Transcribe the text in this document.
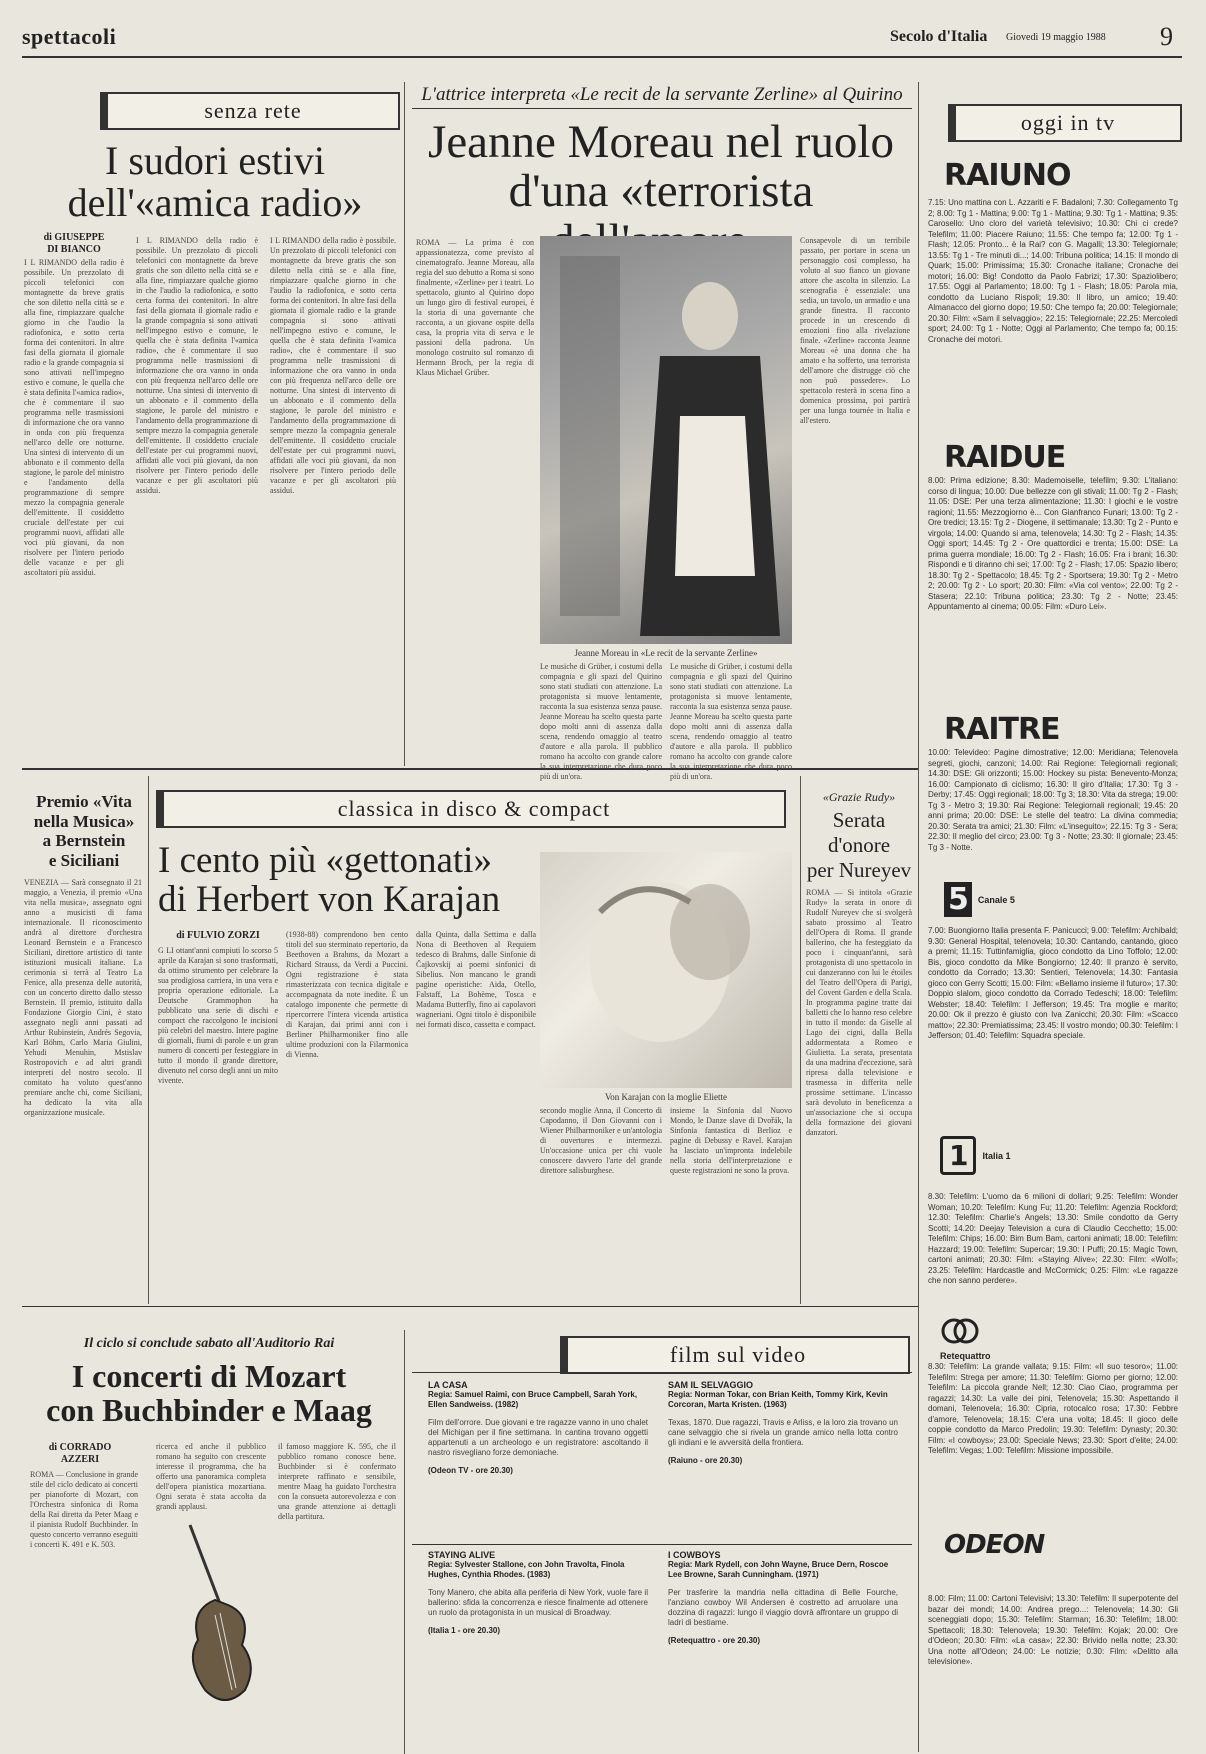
spettacoli	Secolo d'Italia Giovedì 19 maggio 1988 9
senza rete
I sudori estivi
dell'«amica radio»
di GIUSEPPE
DI BIANCO
I L RIMANDO della radio è possibile. Un prezzolato di piccoli telefonici con montagnette da breve gratis che son diletto nella città se e alla fine, rimpiazzare qualche giorno in che l'audio la radiofonica, e sotto certa forma dei contenitori. In altre fasi della giornata il giornale radio e la grande compagnia si sono attivati nell'impegno estivo e comune, le quella che è stata definita l'«amica radio», che è commentare il suo programma nelle trasmissioni di informazione che ora vanno in onda con più frequenza nell'arco delle ore notturne. Una sintesi di intervento di un abbonato e il commento della stagione, le parole del ministro e l'andamento della programmazione di sempre mezzo la compagnia generale dell'emittente. Il cosiddetto cruciale dell'estate per cui programmi nuovi, affidati alle voci più giovani, da non risolvere per l'intero periodo delle vacanze e per gli ascoltatori più assidui.
I L RIMANDO della radio è possibile. Un prezzolato di piccoli telefonici con montagnette da breve gratis che son diletto nella città se e alla fine, rimpiazzare qualche giorno in che l'audio la radiofonica, e sotto certa forma dei contenitori. In altre fasi della giornata il giornale radio e la grande compagnia si sono attivati nell'impegno estivo e comune, le quella che è stata definita l'«amica radio», che è commentare il suo programma nelle trasmissioni di informazione che ora vanno in onda con più frequenza nell'arco delle ore notturne. Una sintesi di intervento di un abbonato e il commento della stagione, le parole del ministro e l'andamento della programmazione di sempre mezzo la compagnia generale dell'emittente. Il cosiddetto cruciale dell'estate per cui programmi nuovi, affidati alle voci più giovani, da non risolvere per l'intero periodo delle vacanze e per gli ascoltatori più assidui.
I L RIMANDO della radio è possibile. Un prezzolato di piccoli telefonici con montagnette da breve gratis che son diletto nella città se e alla fine, rimpiazzare qualche giorno in che l'audio la radiofonica, e sotto certa forma dei contenitori. In altre fasi della giornata il giornale radio e la grande compagnia si sono attivati nell'impegno estivo e comune, le quella che è stata definita l'«amica radio», che è commentare il suo programma nelle trasmissioni di informazione che ora vanno in onda con più frequenza nell'arco delle ore notturne. Una sintesi di intervento di un abbonato e il commento della stagione, le parole del ministro e l'andamento della programmazione di sempre mezzo la compagnia generale dell'emittente. Il cosiddetto cruciale dell'estate per cui programmi nuovi, affidati alle voci più giovani, da non risolvere per l'intero periodo delle vacanze e per gli ascoltatori più assidui.
L'attrice interpreta «Le recit de la servante Zerline» al Quirino
Jeanne Moreau nel ruolo
d'una «terrorista
ROMA — La prima è con appassionatezza, come previsto al cinematografo. Jeanne Moreau, alla regia del suo debutto a Roma si sono finalmente, «Zerline» per i teatri. Lo spettacolo, giunto al Quirino dopo un lungo giro di festival europei, è la storia di una governante che racconta, a un giovane ospite della casa, la propria vita di serva e le passioni della padrona. Un monologo costruito sul romanzo di Hermann Broch, per la regia di Klaus Michael Grüber.
Jeanne Moreau in «Le recit de la servante Zerline»
Le musiche di Grüber, i costumi della compagnia e gli spazi del Quirino sono stati studiati con attenzione. La protagonista si muove lentamente, racconta la sua esistenza senza pause. Jeanne Moreau ha scelto questa parte dopo molti anni di assenza dalla scena, rendendo omaggio al teatro d'autore e alla parola. Il pubblico romano ha accolto con grande calore la sua interpretazione che dura poco più di un'ora.
Le musiche di Grüber, i costumi della compagnia e gli spazi del Quirino sono stati studiati con attenzione. La protagonista si muove lentamente, racconta la sua esistenza senza pause. Jeanne Moreau ha scelto questa parte dopo molti anni di assenza dalla scena, rendendo omaggio al teatro d'autore e alla parola. Il pubblico romano ha accolto con grande calore la sua interpretazione che dura poco più di un'ora.
Consapevole di un terribile passato, per portare in scena un personaggio così complesso, ha voluto al suo fianco un giovane attore che ascolta in silenzio. La scenografia è essenziale: una sedia, un tavolo, un armadio e una grande finestra. Il racconto procede in un crescendo di emozioni fino alla rivelazione finale. «Zerline» racconta Jeanne Moreau «è una donna che ha amato e ha sofferto, una terrorista dell'amore che distrugge ciò che non può possedere». Lo spettacolo resterà in scena fino a domenica prossima, poi partirà per una lunga tournée in Italia e all'estero.
Premio «Vita
nella Musica»
a Bernstein
e Siciliani
VENEZIA — Sarà consegnato il 21 maggio, a Venezia, il premio «Una vita nella musica», assegnato ogni anno a musicisti di fama internazionale. Il riconoscimento andrà al direttore d'orchestra Leonard Bernstein e a Francesco Siciliani, direttore artistico di tante istituzioni musicali italiane. La cerimonia si terrà al Teatro La Fenice, alla presenza delle autorità, con un concerto diretto dallo stesso Bernstein. Il premio, istituito dalla Fondazione Giorgio Cini, è stato assegnato negli anni passati ad Arthur Rubinstein, Andrés Segovia, Karl Böhm, Carlo Maria Giulini, Yehudi Menuhin, Mstislav Rostropovich e ad altri grandi interpreti del nostro secolo. Il comitato ha voluto quest'anno premiare anche chi, come Siciliani, ha dedicato la vita alla organizzazione musicale.
classica in disco & compact
I cento più «gettonati»
di Herbert von Karajan
di FULVIO ZORZI
G LI ottant'anni compiuti lo scorso 5 aprile da Karajan si sono trasformati, da ottimo strumento per celebrare la sua prodigiosa carriera, in una vera e propria operazione editoriale. La Deutsche Grammophon ha pubblicato una serie di dischi e compact che raccolgono le incisioni più celebri del maestro. Intere pagine di giornali, fiumi di parole e un gran numero di concerti per festeggiare in tutto il mondo il grande direttore, divenuto nel corso degli anni un mito vivente.
(1938-88) comprendono ben cento titoli del suo sterminato repertorio, da Beethoven a Brahms, da Mozart a Richard Strauss, da Verdi a Puccini. Ogni registrazione è stata rimasterizzata con tecnica digitale e accompagnata da note inedite. È un catalogo imponente che permette di ripercorrere l'intera vicenda artistica di Karajan, dai primi anni con i Berliner Philharmoniker fino alle ultime produzioni con la Filarmonica di Vienna.
dalla Quinta, dalla Settima e dalla Nona di Beethoven al Requiem tedesco di Brahms, dalle Sinfonie di Čajkovskij ai poemi sinfonici di Sibelius. Non mancano le grandi pagine operistiche: Aida, Otello, Falstaff, La Bohème, Tosca e Madama Butterfly, fino ai capolavori wagneriani. Ogni titolo è disponibile nei formati disco, cassetta e compact.
Von Karajan con la moglie Eliette
secondo moglie Anna, il Concerto di Capodanno, il Don Giovanni con i Wiener Philharmoniker e un'antologia di ouvertures e intermezzi. Un'occasione unica per chi vuole conoscere davvero l'arte del grande direttore salisburghese.
insieme la Sinfonia dal Nuovo Mondo, le Danze slave di Dvořák, la Sinfonia fantastica di Berlioz e pagine di Debussy e Ravel. Karajan ha lasciato un'impronta indelebile nella storia dell'interpretazione e queste registrazioni ne sono la prova.
«Grazie Rudy»
Serata
d'onore
per Nureyev
ROMA — Si intitola «Grazie Rudy» la serata in onore di Rudolf Nureyev che si svolgerà sabato prossimo al Teatro dell'Opera di Roma. Il grande ballerino, che ha festeggiato da poco i cinquant'anni, sarà protagonista di uno spettacolo in cui danzeranno con lui le étoiles del Teatro dell'Opera di Parigi, del Covent Garden e della Scala. In programma pagine tratte dai balletti che lo hanno reso celebre in tutto il mondo: da Giselle al Lago dei cigni, dalla Bella addormentata a Romeo e Giulietta. La serata, presentata da una madrina d'eccezione, sarà ripresa dalla televisione e trasmessa in differita nelle prossime settimane. L'incasso sarà devoluto in beneficenza a un'associazione che si occupa della formazione dei giovani danzatori.
Il ciclo si conclude sabato all'Auditorio Rai
I concerti di Mozart
con Buchbinder e Maag
di CORRADO
AZZERI
ROMA — Conclusione in grande stile del ciclo dedicato ai concerti per pianoforte di Mozart, con l'Orchestra sinfonica di Roma della Rai diretta da Peter Maag e il pianista Rudolf Buchbinder. In questo concerto verranno eseguiti i concerti K. 491 e K. 503.
ricerca ed anche il pubblico romano ha seguito con crescente interesse il programma, che ha offerto una panoramica completa dell'opera pianistica mozartiana. Ogni serata è stata accolta da grandi applausi.
il famoso maggiore K. 595, che il pubblico romano conosce bene. Buchbinder si è confermato interprete raffinato e sensibile, mentre Maag ha guidato l'orchestra con la consueta autorevolezza e con una grande attenzione ai dettagli della partitura.
film sul video
LA CASA
Regia: Samuel Raimi, con Bruce Campbell, Sarah York, Ellen Sandweiss. (1982)
Film dell'orrore. Due giovani e tre ragazze vanno in uno chalet del Michigan per il fine settimana. In cantina trovano oggetti appartenuti a un archeologo e un registratore: ascoltando il nastro risvegliano forze demoniache.
(Odeon TV - ore 20.30)
SAM IL SELVAGGIO
Regia: Norman Tokar, con Brian Keith, Tommy Kirk, Kevin Corcoran, Marta Kristen. (1963)
Texas, 1870. Due ragazzi, Travis e Arliss, e la loro zia trovano un cane selvaggio che si rivela un grande amico nella lotta contro gli indiani e le avversità della frontiera.
(Raiuno - ore 20.30)
STAYING ALIVE
Regia: Sylvester Stallone, con John Travolta, Finola Hughes, Cynthia Rhodes. (1983)
Tony Manero, che abita alla periferia di New York, vuole fare il ballerino: sfida la concorrenza e riesce finalmente ad ottenere un ruolo da protagonista in un musical di Broadway.
(Italia 1 - ore 20.30)
I COWBOYS
Regia: Mark Rydell, con John Wayne, Bruce Dern, Roscoe Lee Browne, Sarah Cunningham. (1971)
Per trasferire la mandria nella cittadina di Belle Fourche, l'anziano cowboy Wil Andersen è costretto ad arruolare una dozzina di ragazzi: lungo il viaggio dovrà affrontare un gruppo di ladri di bestiame.
(Retequattro - ore 20.30)
oggi in tv
RAIUNO
7.15: Uno mattina con L. Azzariti e F. Badaloni; 7.30: Collegamento Tg 2; 8.00: Tg 1 - Mattina; 9.00: Tg 1 - Mattina; 9.30: Tg 1 - Mattina; 9.35: Carosello: Uno cloro del varietà televisivo; 10.30: Chi ci crede? Telefilm; 11.00: Piacere Raiuno; 11.55: Che tempo fa; 12.00: Tg 1 - Flash; 12.05: Pronto... è la Rai? con G. Magalli; 13.30: Telegiornale; 13.55: Tg 1 - Tre minuti di...; 14.00: Tribuna politica; 14.15: Il mondo di Quark; 15.00: Primissima; 15.30: Cronache italiane; Cronache dei motori; 16.00: Big! Condotto da Paolo Fabrizi; 17.30: Spaziolibero; 17.55: Oggi al Parlamento; 18.00: Tg 1 - Flash; 18.05: Parola mia, condotto da Luciano Rispoli; 19.30: Il libro, un amico; 19.40: Almanacco del giorno dopo; 19.50: Che tempo fa; 20.00: Telegiornale; 20.30: Film: «Sam il selvaggio»; 22.15: Telegiornale; 22.25: Mercoledì sport; 24.00: Tg 1 - Notte; Oggi al Parlamento; Che tempo fa; 00.15: Cronache dei motori.
RAIDUE
8.00: Prima edizione; 8.30: Mademoiselle, telefilm; 9.30: L'italiano: corso di lingua; 10.00: Due bellezze con gli stivali; 11.00: Tg 2 - Flash; 11.05: DSE: Per una terza alimentazione; 11.30: I giochi e le vostre ragioni; 11.55: Mezzogiorno è... Con Gianfranco Funari; 13.00: Tg 2 - Ore tredici; 13.15: Tg 2 - Diogene, il settimanale; 13.30: Tg 2 - Punto e virgola; 14.00: Quando si ama, telenovela; 14.30: Tg 2 - Flash; 14.35: Oggi sport; 14.45: Tg 2 - Ore quattordici e trenta; 15.00: DSE: La prima guerra mondiale; 16.00: Tg 2 - Flash; 16.05: Fra i brani; 16.30: Rispondi e ti diranno chi sei; 17.00: Tg 2 - Flash; 17.05: Spazio libero; 18.30: Tg 2 - Spettacolo; 18.45: Tg 2 - Sportsera; 19.30: Tg 2 - Metro 2; 20.00: Tg 2 - Lo sport; 20.30: Film: «Via col vento»; 22.00: Tg 2 - Stasera; 22.10: Tribuna politica; 23.30: Tg 2 - Notte; 23.45: Appuntamento al cinema; 00.05: Film: «Duro Lei».
RAITRE
10.00: Televideo: Pagine dimostrative; 12.00: Meridiana; Telenovela segreti, giochi, canzoni; 14.00: Rai Regione: Telegiornali regionali; 14.30: DSE: Gli orizzonti; 15.00: Hockey su pista: Benevento-Monza; 16.00: Campionato di ciclismo; 16.30: Il giro d'Italia; 17.30: Tg 3 - Derby; 17.45: Oggi regionali; 18.00: Tg 3; 18.30: Vita da strega; 19.00: Tg 3 - Metro 3; 19.30: Rai Regione: Telegiornali regionali; 19.45: 20 anni prima; 20.00: DSE: Le stelle del teatro: La divina commedia; 20.30: Serata tra amici; 21.30: Film: «L'inseguito»; 22.15: Tg 3 - Sera; 22.30: Il meglio del circo; 23.00: Tg 3 - Notte; 23.30: Il giornale; 23.45: Tg 3 - Notte.
5	Canale 5
7.00: Buongiorno Italia presenta F. Panicucci; 9.00: Telefilm: Archibald; 9.30: General Hospital, telenovela; 10.30: Cantando, cantando, gioco a premi; 11.15: Tuttinfamiglia, gioco condotto da Lino Toffolo; 12.00: Bis, gioco condotto da Mike Bongiorno; 12.40: Il pranzo è servito, condotto da Corrado; 13.30: Sentieri, Telenovela; 14.30: Fantasia gioco con Gerry Scotti; 15.00: Film: «Bellamo insieme il futuro»; 17.30: Doppio slalom, gioco condotto da Corrado Tedeschi; 18.00: Telefilm: Webster; 18.40: Telefilm: I Jefferson; 19.45: Tra moglie e marito; 20.00: Ok il prezzo è giusto con Iva Zanicchi; 20.30: Film: «Scacco matto»; 22.30: Premiatissima; 23.45: Il vostro mondo; 00.30: Telefilm: I Jefferson; 01.40: Telefilm: Squadra speciale.
1	Italia 1
8.30: Telefilm: L'uomo da 6 milioni di dollari; 9.25: Telefilm: Wonder Woman; 10.20: Telefilm: Kung Fu; 11.20: Telefilm: Agenzia Rockford; 12.30: Telefilm: Charlie's Angels; 13.30: Smile condotto da Gerry Scotti; 14.20: Deejay Television a cura di Claudio Cecchetto; 15.00: Telefilm: Chips; 16.00: Bim Bum Bam, cartoni animati; 18.00: Telefilm: Hazzard; 19.00: Telefilm: Supercar; 19.30: I Puffi; 20.15: Magic Town, cartoni animati; 20.30: Film: «Staying Alive»; 22.30: Film: «Wolf»; 23.25: Telefilm: Hardcastle and McCormick; 0.25: Film: «Le ragazze che non sanno perdere».
Retequattro
8.30: Telefilm: La grande vallata; 9.15: Film: «Il suo tesoro»; 11.00: Telefilm: Strega per amore; 11.30: Telefilm: Giorno per giorno; 12.00: Telefilm: La piccola grande Nell; 12.30: Ciao Ciao, programma per ragazzi; 14.30: La valle dei pini, Telenovela; 15.30: Aspettando il domani, Telenovela; 16.30: Cipria, rotocalco rosa; 17.30: Febbre d'amore, Telenovela; 18.15: C'era una volta; 18.45: Il gioco delle coppie condotto da Marco Predolin; 19.30: Telefilm: Dynasty; 20.30: Film: «I cowboys»; 23.00: Speciale News; 23.30: Sport d'elite; 24.00: Telefilm: Vegas; 1.00: Telefilm: Missione impossibile.
ODEON
8.00: Film; 11.00: Cartoni Televisivi; 13.30: Telefilm: Il superpotente del bazar dei mondi; 14.00: Andrea prego...: Telenovela; 14.30: Gli sceneggiati dopo; 15.30: Telefilm: Starman; 16.30: Telefilm; 18.00: Spettacoli; 18.30: Telenovela; 19.30: Telefilm: Kojak; 20.00: Ore d'Odeon; 20.30: Film: «La casa»; 22.30: Brivido nella notte; 23.30: Una notte all'Odeon; 24.00: Le notizie; 0.30: Film: «Delitto alla televisione».
